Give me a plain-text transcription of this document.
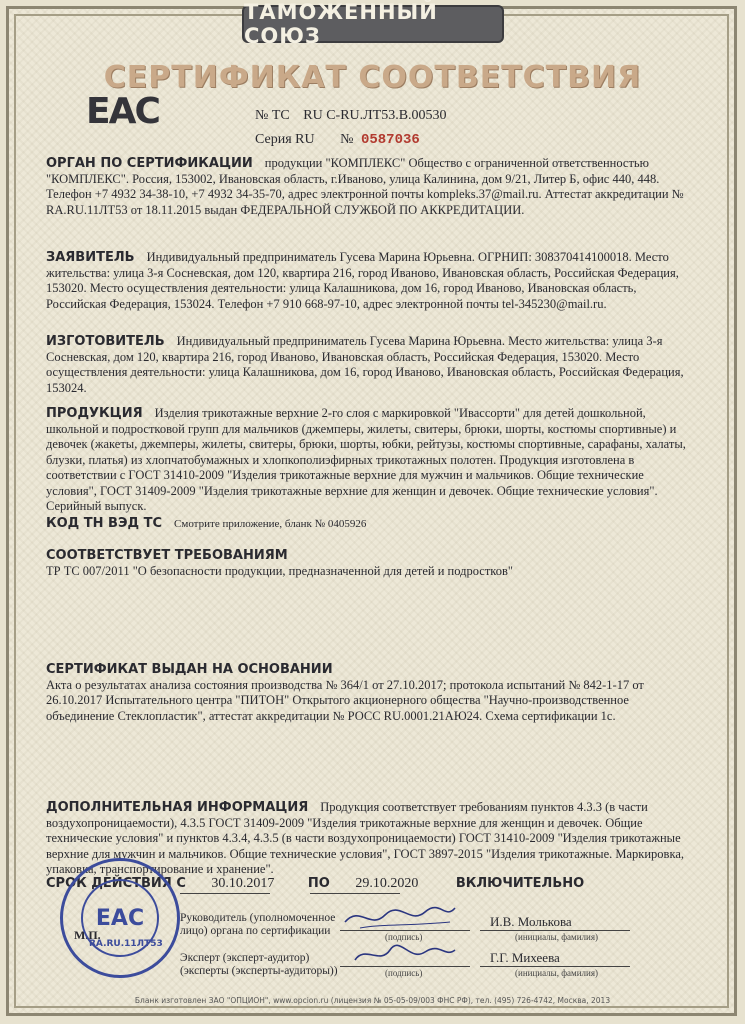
ТАМОЖЕННЫЙ СОЮЗ
СЕРТИФИКАТ СООТВЕТСТВИЯ
EAC	№ ТС RU C-RU.ЛТ53.В.00530
Серия RU № 0587036
ОРГАН ПО СЕРТИФИКАЦИИ продукции "КОМПЛЕКС" Общество с ограниченной ответственностью "КОМПЛЕКС". Россия, 153002, Ивановская область, г.Иваново, улица Калинина, дом 9/21, Литер Б, офис 440, 448. Телефон +7 4932 34-38-10, +7 4932 34-35-70, адрес электронной почты kompleks.37@mail.ru. Аттестат аккредитации № RA.RU.11ЛТ53 от 18.11.2015 выдан ФЕДЕРАЛЬНОЙ СЛУЖБОЙ ПО АККРЕДИТАЦИИ.
ЗАЯВИТЕЛЬ Индивидуальный предприниматель Гусева Марина Юрьевна. ОГРНИП: 308370414100018. Место жительства: улица 3-я Сосневская, дом 120, квартира 216, город Иваново, Ивановская область, Российская Федерация, 153020. Место осуществления деятельности: улица Калашникова, дом 16, город Иваново, Ивановская область, Российская Федерация, 153024. Телефон +7 910 668-97-10, адрес электронной почты tel-345230@mail.ru.
ИЗГОТОВИТЕЛЬ Индивидуальный предприниматель Гусева Марина Юрьевна. Место жительства: улица 3-я Сосневская, дом 120, квартира 216, город Иваново, Ивановская область, Российская Федерация, 153020. Место осуществления деятельности: улица Калашникова, дом 16, город Иваново, Ивановская область, Российская Федерация, 153024.
ПРОДУКЦИЯ Изделия трикотажные верхние 2-го слоя с маркировкой "Ивассорти" для детей дошкольной, школьной и подростковой групп для мальчиков (джемперы, жилеты, свитеры, брюки, шорты, костюмы спортивные) и девочек (жакеты, джемперы, жилеты, свитеры, брюки, шорты, юбки, рейтузы, костюмы спортивные, сарафаны, халаты, блузки, платья) из хлопчатобумажных и хлопкополиэфирных трикотажных полотен. Продукция изготовлена в соответствии с ГОСТ 31410-2009 "Изделия трикотажные верхние для мужчин и мальчиков. Общие технические условия", ГОСТ 31409-2009 "Изделия трикотажные верхние для женщин и девочек. Общие технические условия". Серийный выпуск.
КОД ТН ВЭД ТС Смотрите приложение, бланк № 0405926
СООТВЕТСТВУЕТ ТРЕБОВАНИЯМ
ТР ТС 007/2011 "О безопасности продукции, предназначенной для детей и подростков"
СЕРТИФИКАТ ВЫДАН НА ОСНОВАНИИ
Акта о результатах анализа состояния производства № 364/1 от 27.10.2017; протокола испытаний № 842-1-17 от 26.10.2017 Испытательного центра "ПИТОН" Открытого акционерного общества "Научно-производственное объединение Стеклопластик", аттестат аккредитации № РОСС RU.0001.21АЮ24. Схема сертификации 1с.
ДОПОЛНИТЕЛЬНАЯ ИНФОРМАЦИЯ Продукция соответствует требованиям пунктов 4.3.3 (в части воздухопроницаемости), 4.3.5 ГОСТ 31409-2009 "Изделия трикотажные верхние для женщин и девочек. Общие технические условия" и пунктов 4.3.4, 4.3.5 (в части воздухопроницаемости) ГОСТ 31410-2009 "Изделия трикотажные верхние для мужчин и мальчиков. Общие технические условия", ГОСТ 3897-2015 "Изделия трикотажные. Маркировка, упаковка, транспортирование и хранение".
СРОК ДЕЙСТВИЯ С 30.10.2017	ПО 29.10.2020	ВКЛЮЧИТЕЛЬНО
М.П.
Руководитель (уполномоченное
лицо) органа по сертификации	(подпись)
И.В. Молькова
(инициалы, фамилия)
Эксперт (эксперт-аудитор)
(эксперты (эксперты-аудиторы))	(подпись)
Г.Г. Михеева
(инициалы, фамилия)
EAC
RA.RU.11ЛТ53
Бланк изготовлен ЗАО "ОПЦИОН", www.opcion.ru (лицензия № 05-05-09/003 ФНС РФ), тел. (495) 726-4742, Москва, 2013
